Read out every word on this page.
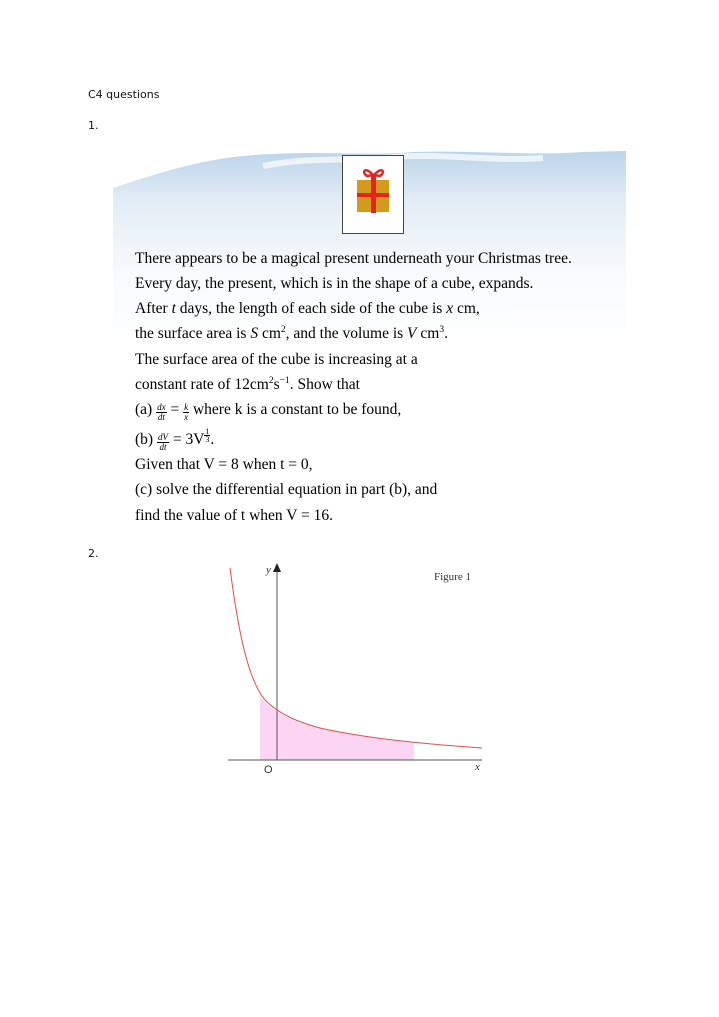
C4 questions
1.
There appears to be a magical present underneath your Christmas tree.
Every day, the present, which is in the shape of a cube, expands.
After t days, the length of each side of the cube is x cm,
the surface area is S $cm^2$, and the volume is V $cm^3$.
The surface area of the cube is increasing at a
constant rate of $12cm^2s^{-1}$. Show that
$(a) \frac{dx}{dt} = \frac{k}{x}$ where k is a constant to be found,
$(b) \frac{dV}{dt} = 3V \frac{1}{3}$ .
Given that V = 8 when t = 0,
(c) solve the differential equation in part (b), and
find the value of t when V = 16.
2.
y
x
O
Figure 1
